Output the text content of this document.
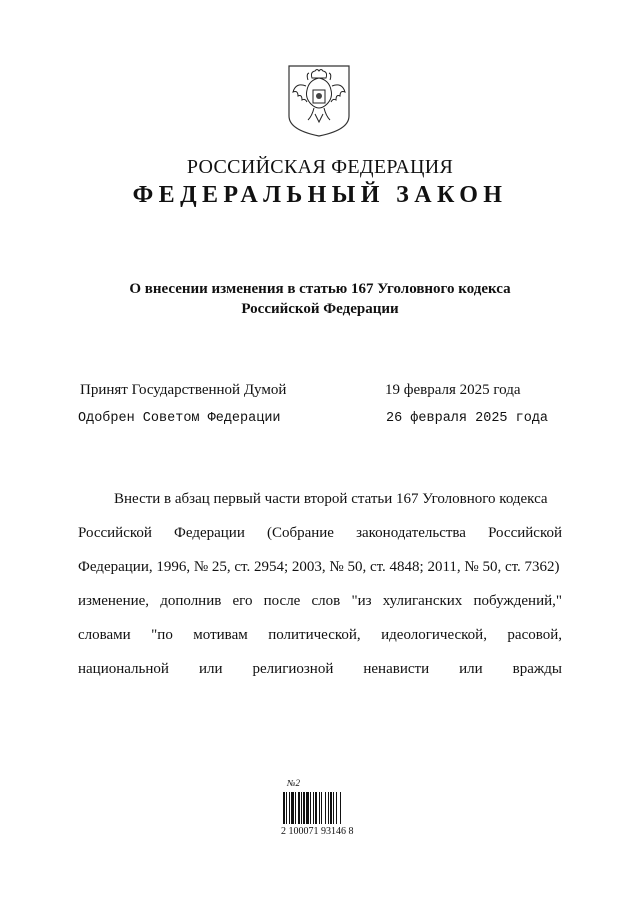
РОССИЙСКАЯ ФЕДЕРАЦИЯ
ФЕДЕРАЛЬНЫЙ ЗАКОН
О внесении изменения в статью 167 Уголовного кодекса
Российской Федерации
Принят Государственной Думой	19 февраля 2025 года
Одобрен Советом Федерации	26 февраля 2025 года
Внести в абзац первый части второй статьи 167 Уголовного кодекса
Российской Федерации (Собрание законодательства Российской
Федерации, 1996, № 25, ст. 2954; 2003, № 50, ст. 4848; 2011, № 50, ст. 7362)
изменение, дополнив его после слов "из хулиганских побуждений,"
словами "по мотивам политической, идеологической, расовой,
национальной или религиозной ненависти или вражды
№2
2 100071 93146 8
